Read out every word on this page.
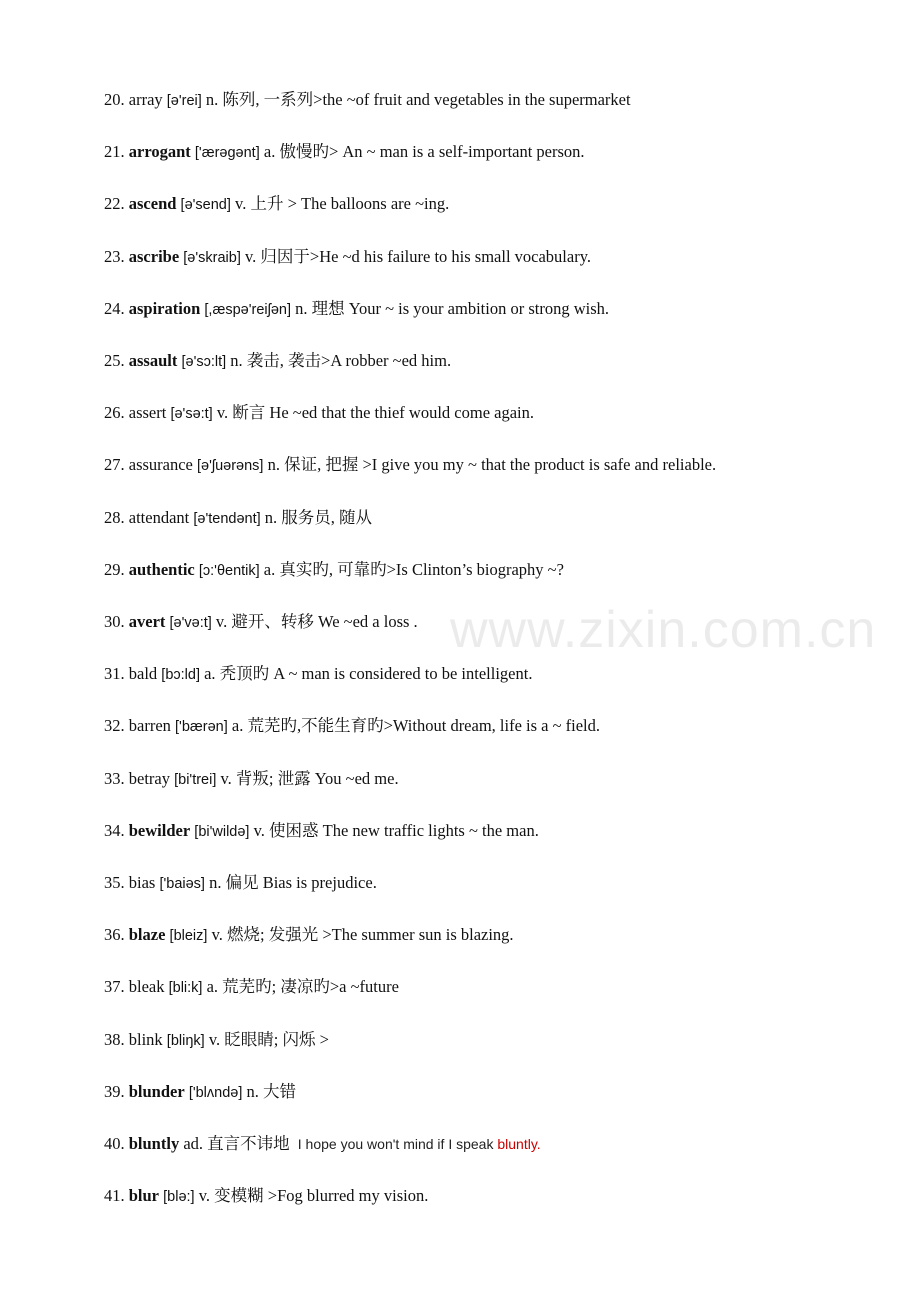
www.zixin.com.cn
20. array [ə'rei] n. 陈列, 一系列>the ~of fruit and vegetables in the supermarket
21. arrogant ['ærəgənt] a. 傲慢旳> An ~ man is a self-important person.
22. ascend [ə'send] v. 上升 > The balloons are ~ing.
23. ascribe [ə'skraib] v. 归因于>He ~d his failure to his small vocabulary.
24. aspiration [,æspə'reiʃən] n. 理想 Your ~ is your ambition or strong wish.
25. assault [ə'sɔ:lt] n. 袭击, 袭击>A robber ~ed him.
26. assert [ə'sə:t] v. 断言 He ~ed that the thief would come again.
27. assurance [ə'ʃuərəns] n. 保证, 把握 >I give you my ~ that the product is safe and reliable.
28. attendant [ə'tendənt] n. 服务员, 随从
29. authentic [ɔ:'θentik] a. 真实旳, 可靠旳>Is Clinton’s biography ~?
30. avert [ə'və:t] v. 避开、转移 We ~ed a loss .
31. bald [bɔ:ld] a. 秃顶旳 A ~ man is considered to be intelligent.
32. barren ['bærən] a. 荒芜旳,不能生育旳>Without dream, life is a ~ field.
33. betray [bi'trei] v. 背叛; 泄露 You ~ed me.
34. bewilder [bi'wildə] v. 使困惑 The new traffic lights ~ the man.
35. bias ['baiəs] n. 偏见 Bias is prejudice.
36. blaze [bleiz] v. 燃烧; 发强光 >The summer sun is blazing.
37. bleak [bli:k] a. 荒芜旳; 凄凉旳>a ~future
38. blink [bliŋk] v. 眨眼睛; 闪烁 >
39. blunder ['blʌndə] n. 大错
40. bluntly ad. 直言不讳地 I hope you won't mind if I speak bluntly.
41. blur [blə:] v. 变模糊 >Fog blurred my vision.
